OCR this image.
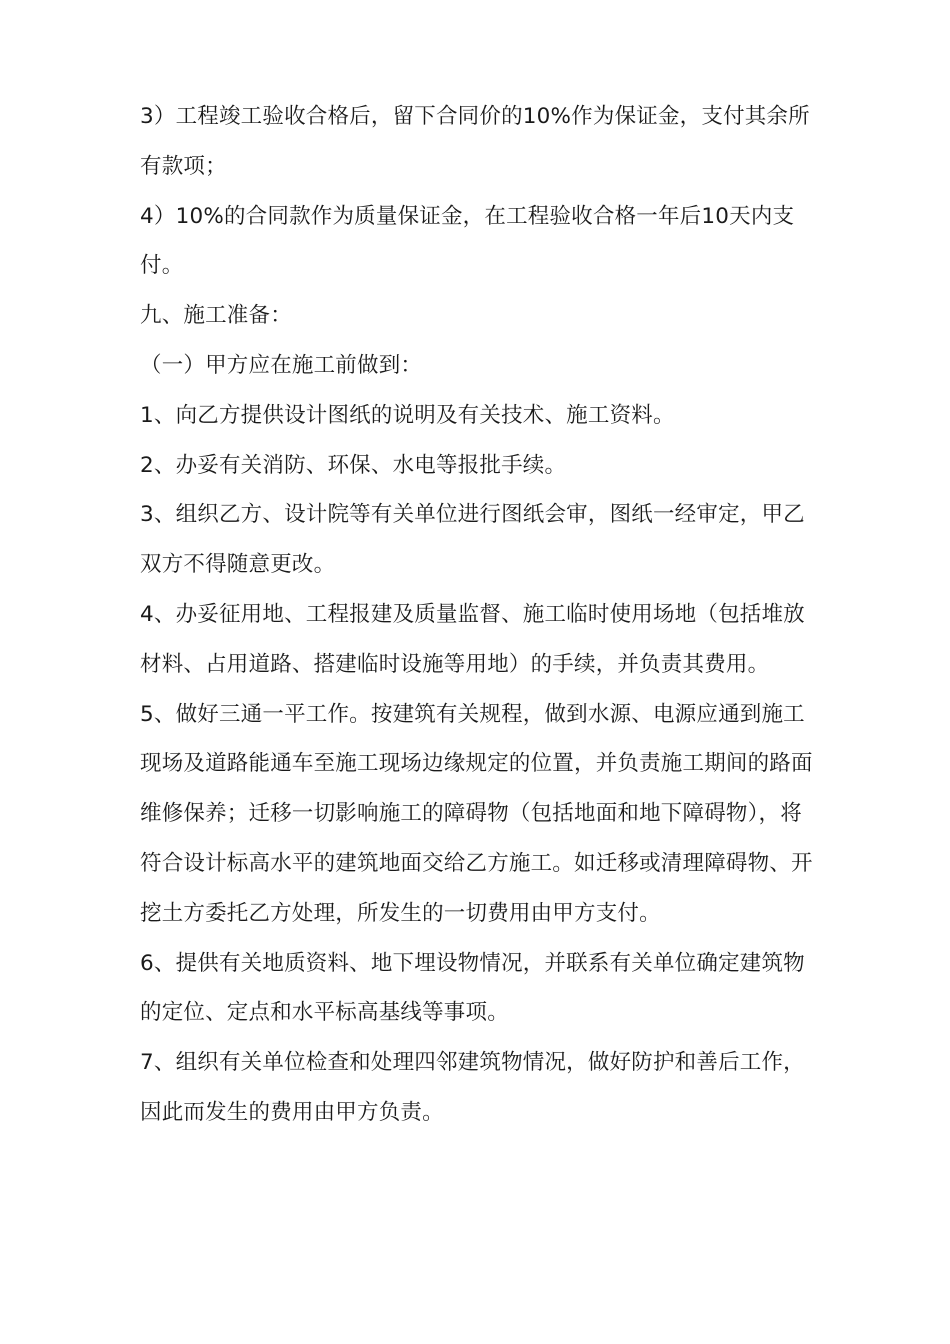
3）工程竣工验收合格后，留下合同价的10%作为保证金，支付其余所有款项；

4）10%的合同款作为质量保证金，在工程验收合格一年后10天内支付。

九、施工准备：

（一）甲方应在施工前做到：

1、向乙方提供设计图纸的说明及有关技术、施工资料。

2、办妥有关消防、环保、水电等报批手续。

3、组织乙方、设计院等有关单位进行图纸会审，图纸一经审定，甲乙双方不得随意更改。

4、办妥征用地、工程报建及质量监督、施工临时使用场地（包括堆放材料、占用道路、搭建临时设施等用地）的手续，并负责其费用。

5、做好三通一平工作。按建筑有关规程，做到水源、电源应通到施工现场及道路能通车至施工现场边缘规定的位置，并负责施工期间的路面维修保养；迁移一切影响施工的障碍物（包括地面和地下障碍物），将符合设计标高水平的建筑地面交给乙方施工。如迁移或清理障碍物、开挖土方委托乙方处理，所发生的一切费用由甲方支付。

6、提供有关地质资料、地下埋设物情况，并联系有关单位确定建筑物的定位、定点和水平标高基线等事项。

7、组织有关单位检查和处理四邻建筑物情况，做好防护和善后工作，因此而发生的费用由甲方负责。
